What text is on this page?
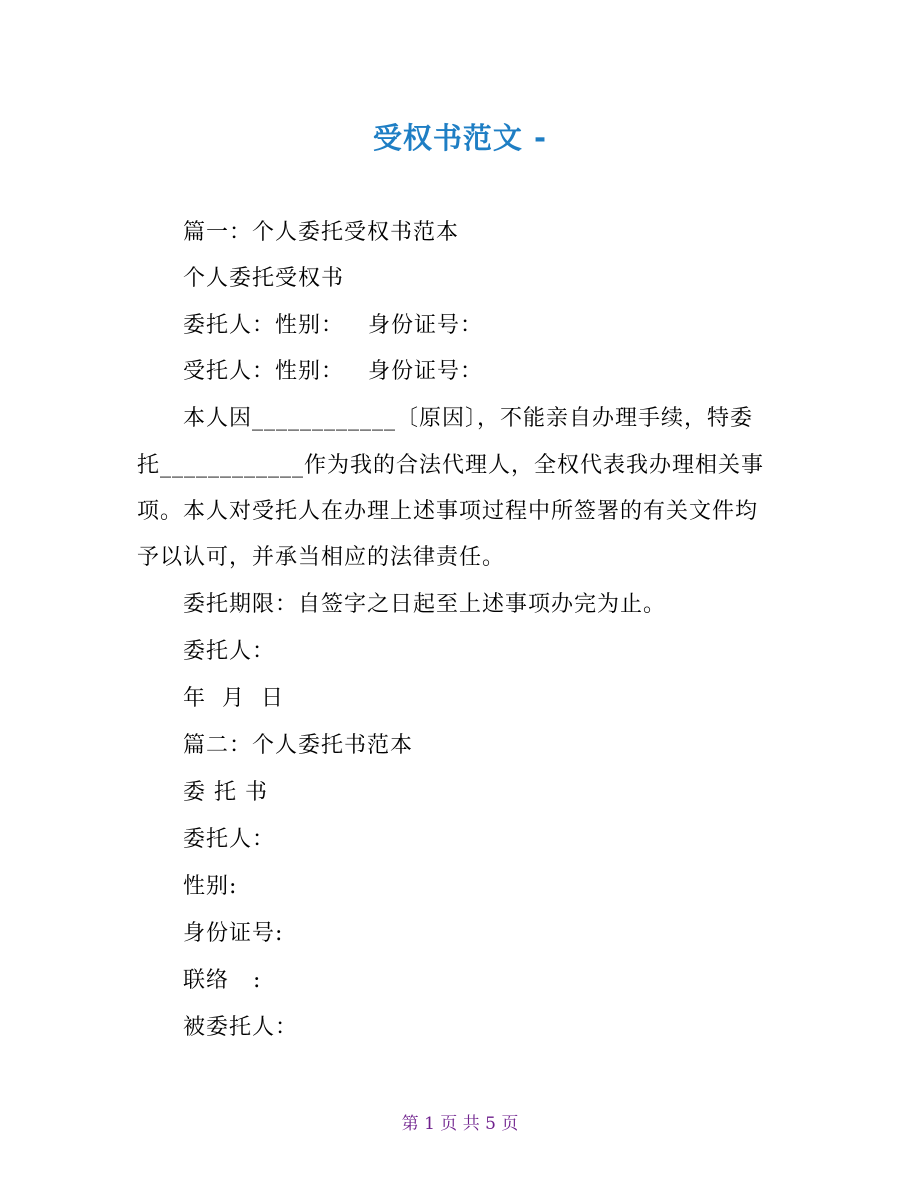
受权书范文 -
篇一：个人委托受权书范本
个人委托受权书
委托人：性别：   身份证号：
受托人：性别：   身份证号：
本人因____________〔原因〕，不能亲自办理手续，特委
托____________作为我的合法代理人，全权代表我办理相关事
项。本人对受托人在办理上述事项过程中所签署的有关文件均
予以认可，并承当相应的法律责任。
委托期限：自签字之日起至上述事项办完为止。
委托人：
年  月  日
篇二：个人委托书范本
委 托 书
委托人：
性别:
身份证号:
联络   :
被委托人：
第 1 页 共 5 页
